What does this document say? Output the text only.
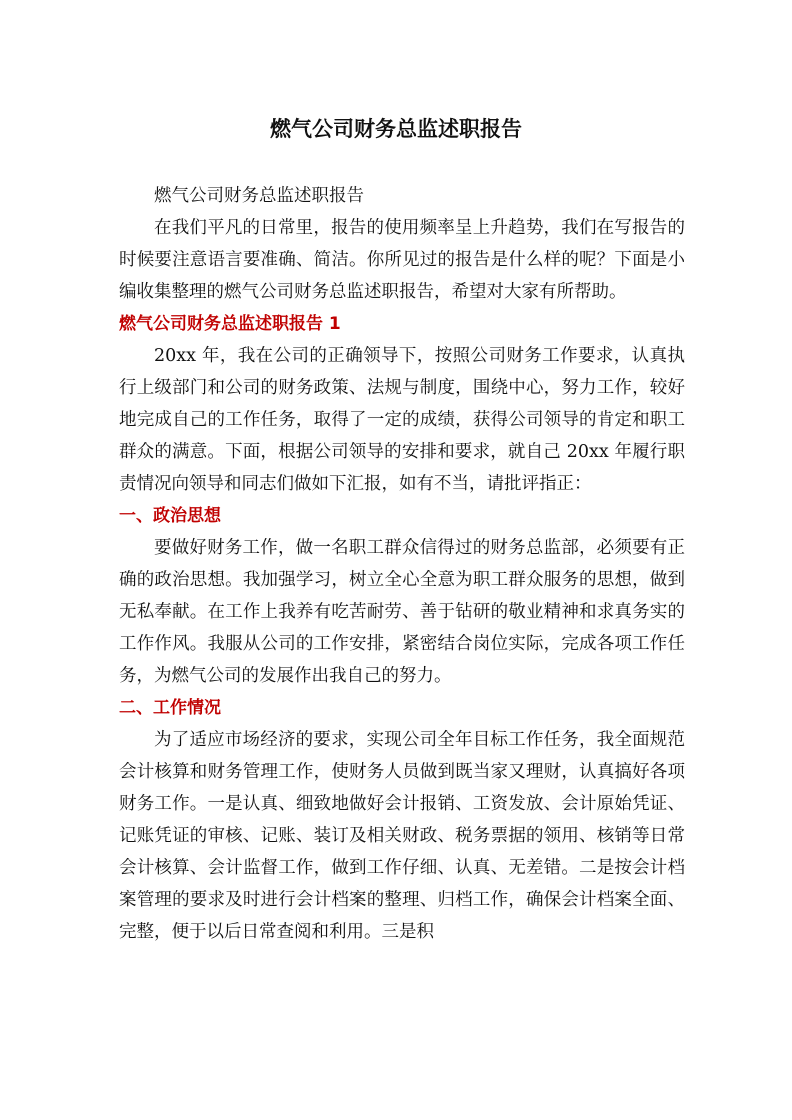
燃气公司财务总监述职报告

燃气公司财务总监述职报告

在我们平凡的日常里，报告的使用频率呈上升趋势，我们在写报告的时候要注意语言要准确、简洁。你所见过的报告是什么样的呢？下面是小编收集整理的燃气公司财务总监述职报告，希望对大家有所帮助。

燃气公司财务总监述职报告 1

20xx 年，我在公司的正确领导下，按照公司财务工作要求，认真执行上级部门和公司的财务政策、法规与制度，围绕中心，努力工作，较好地完成自己的工作任务，取得了一定的成绩，获得公司领导的肯定和职工群众的满意。下面，根据公司领导的安排和要求，就自己 20xx 年履行职责情况向领导和同志们做如下汇报，如有不当，请批评指正：

一、政治思想

要做好财务工作，做一名职工群众信得过的财务总监部，必须要有正确的政治思想。我加强学习，树立全心全意为职工群众服务的思想，做到无私奉献。在工作上我养有吃苦耐劳、善于钻研的敬业精神和求真务实的工作作风。我服从公司的工作安排，紧密结合岗位实际，完成各项工作任务，为燃气公司的发展作出我自己的努力。

二、工作情况

为了适应市场经济的要求，实现公司全年目标工作任务，我全面规范会计核算和财务管理工作，使财务人员做到既当家又理财，认真搞好各项财务工作。一是认真、细致地做好会计报销、工资发放、会计原始凭证、记账凭证的审核、记账、装订及相关财政、税务票据的领用、核销等日常会计核算、会计监督工作，做到工作仔细、认真、无差错。二是按会计档案管理的要求及时进行会计档案的整理、归档工作，确保会计档案全面、完整，便于以后日常查阅和利用。三是积
